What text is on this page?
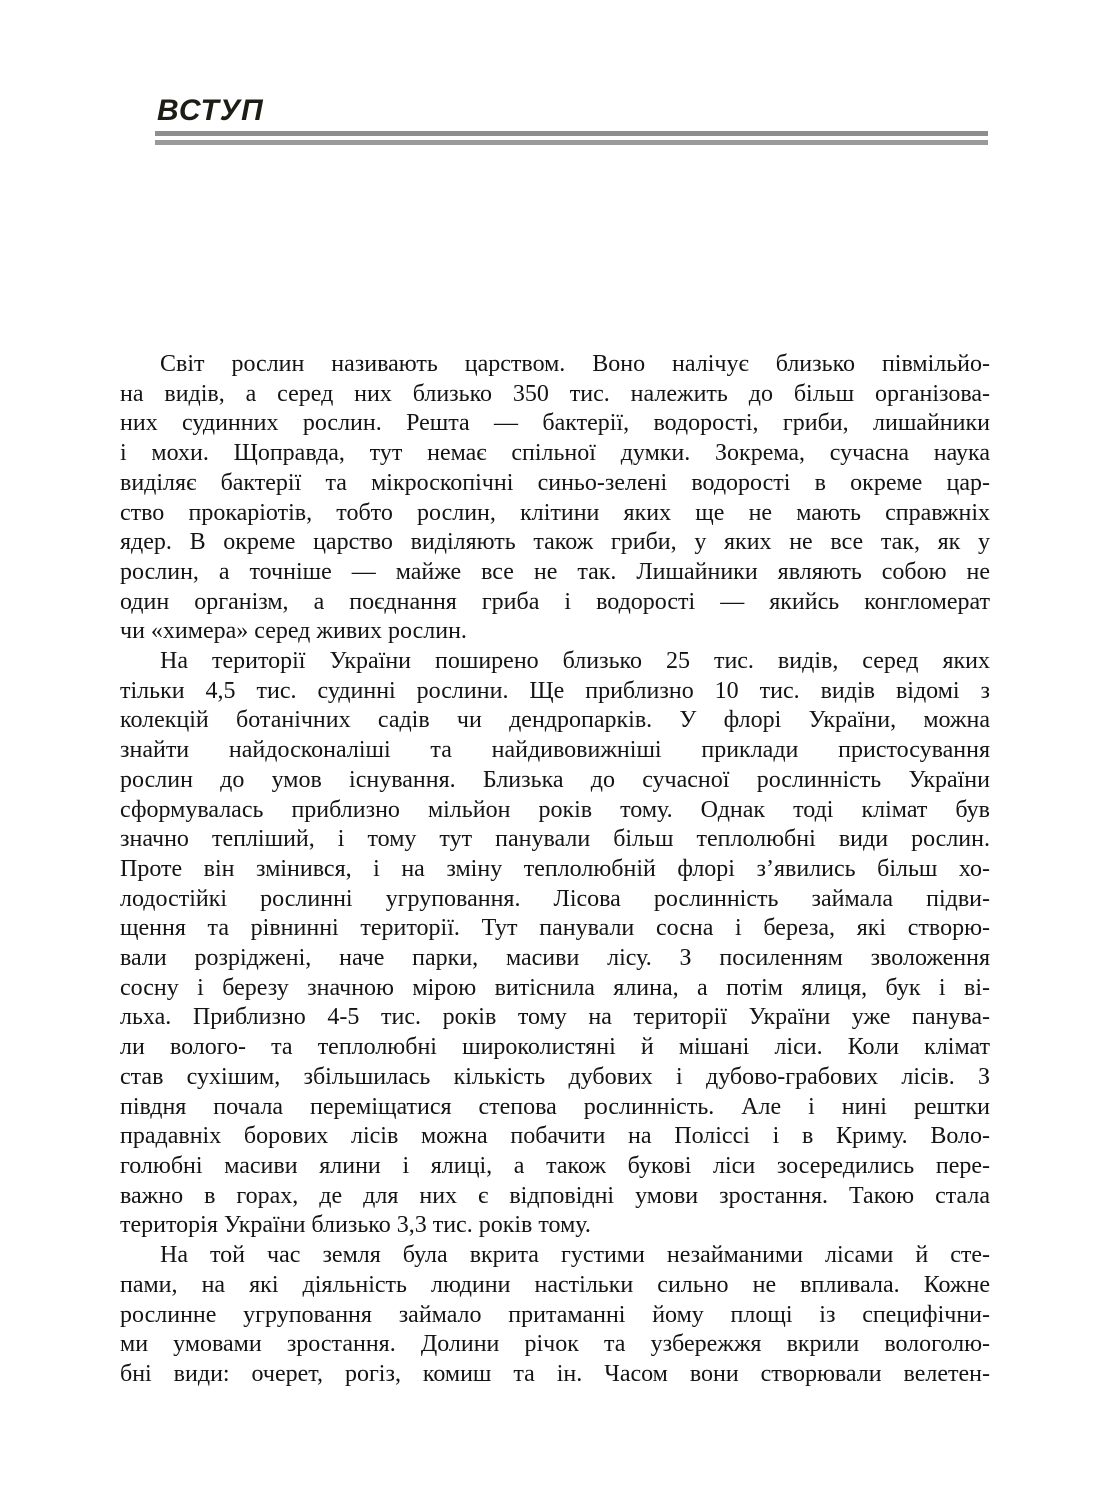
ВСТУП
Світ рослин називають царством. Воно налічує близько півмільйо-
на видів, а серед них близько 350 тис. належить до більш організова-
них судинних рослин. Решта — бактерії, водорості, гриби, лишайники
і мохи. Щоправда, тут немає спільної думки. Зокрема, сучасна наука
виділяє бактерії та мікроскопічні синьо-зелені водорості в окреме цар-
ство прокаріотів, тобто рослин, клітини яких ще не мають справжніх
ядер. В окреме царство виділяють також гриби, у яких не все так, як у
рослин, а точніше — майже все не так. Лишайники являють собою не
один організм, а поєднання гриба і водорості — якийсь конгломерат
чи «химера» серед живих рослин.
На території України поширено близько 25 тис. видів, серед яких
тільки 4,5 тис. судинні рослини. Ще приблизно 10 тис. видів відомі з
колекцій ботанічних садів чи дендропарків. У флорі України, можна
знайти найдосконаліші та найдивовижніші приклади пристосування
рослин до умов існування. Близька до сучасної рослинність України
сформувалась приблизно мільйон років тому. Однак тоді клімат був
значно тепліший, і тому тут панували більш теплолюбні види рослин.
Проте він змінився, і на зміну теплолюбній флорі з’явились більш хо-
лодостійкі рослинні угруповання. Лісова рослинність займала підви-
щення та рівнинні території. Тут панували сосна і береза, які створю-
вали розріджені, наче парки, масиви лісу. З посиленням зволоження
сосну і березу значною мірою витіснила ялина, а потім ялиця, бук і ві-
льха. Приблизно 4-5 тис. років тому на території України уже панува-
ли волого- та теплолюбні широколистяні й мішані ліси. Коли клімат
став сухішим, збільшилась кількість дубових і дубово-грабових лісів. З
півдня почала переміщатися степова рослинність. Але і нині рештки
прадавніх борових лісів можна побачити на Поліссі і в Криму. Воло-
голюбні масиви ялини і ялиці, а також букові ліси зосередились пере-
важно в горах, де для них є відповідні умови зростання. Такою стала
територія України близько 3,3 тис. років тому.
На той час земля була вкрита густими незайманими лісами й сте-
пами, на які діяльність людини настільки сильно не впливала. Кожне
рослинне угруповання займало притаманні йому площі із специфічни-
ми умовами зростання. Долини річок та узбережжя вкрили вологолю-
бні види: очерет, рогіз, комиш та ін. Часом вони створювали велетен-
